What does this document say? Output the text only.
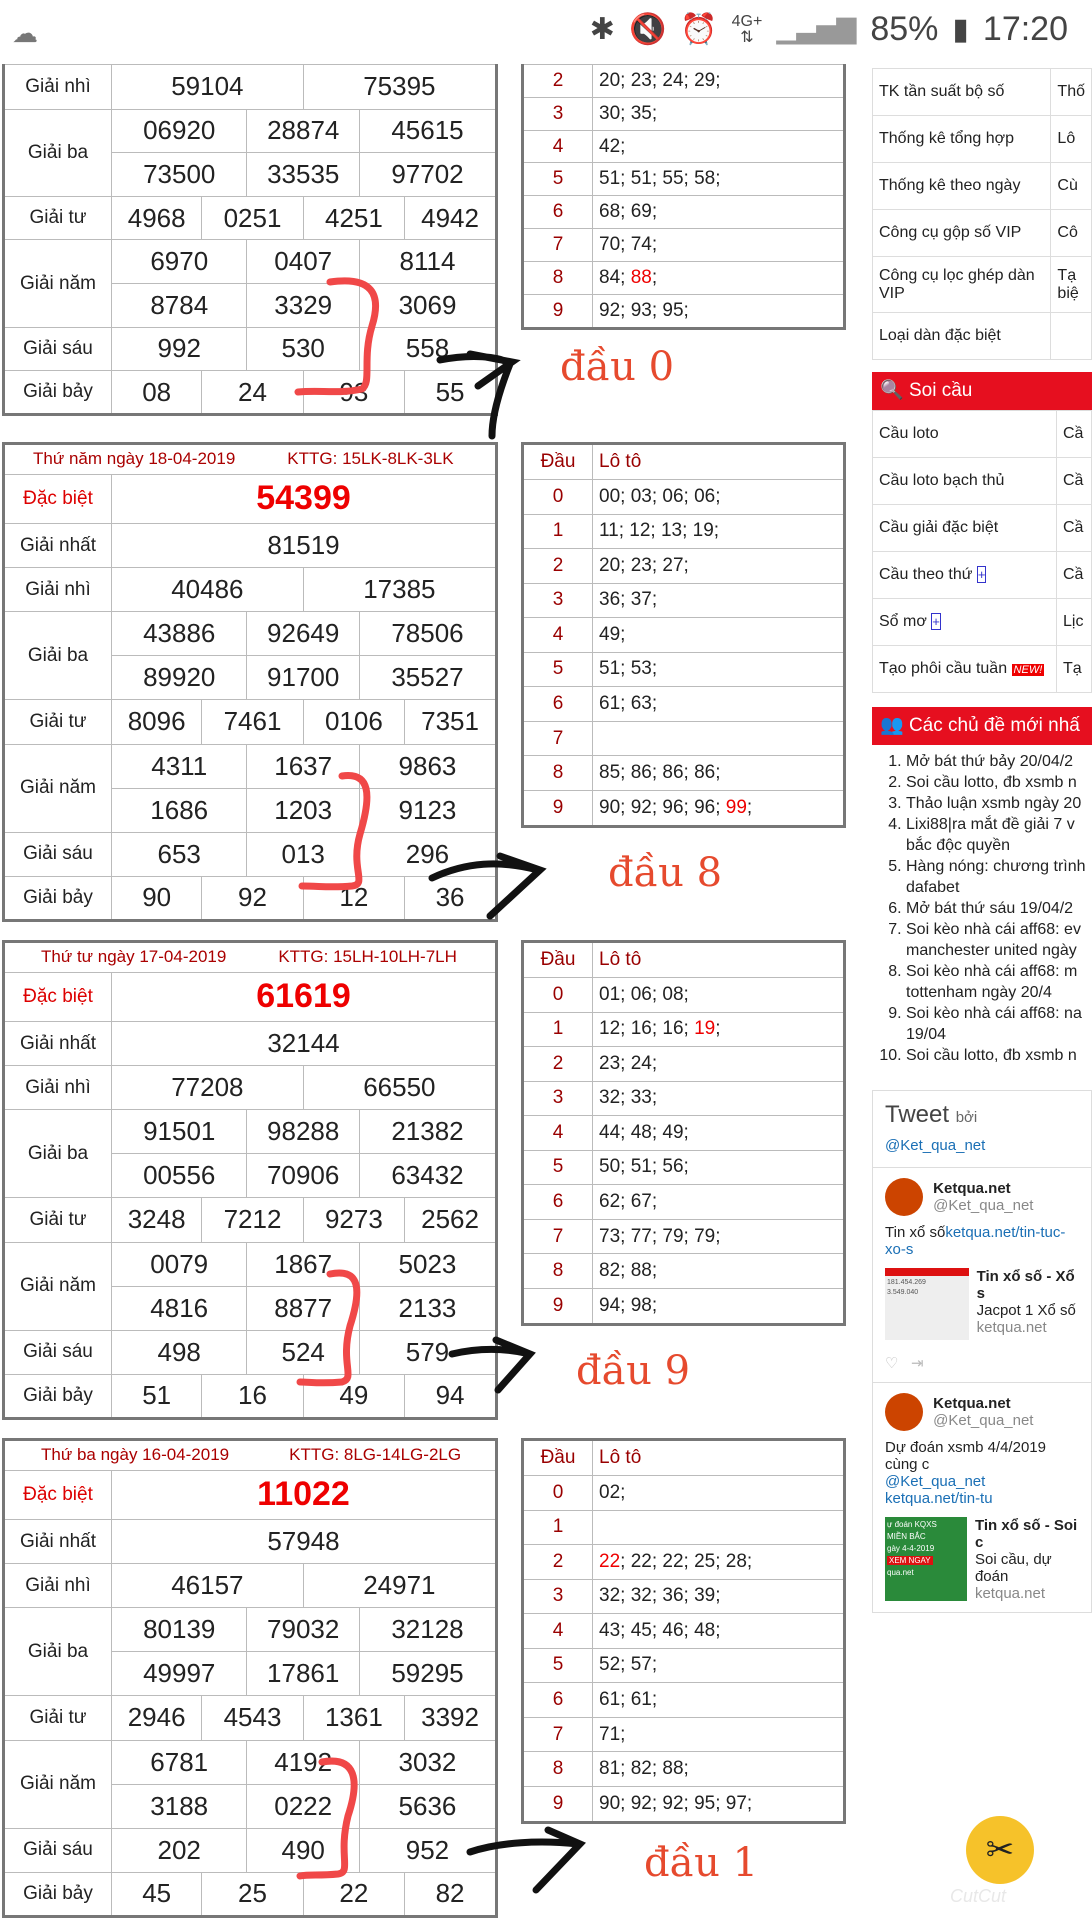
☁	✱ 🔇 ⏰ 4G+
⇅ ▁▃▅▇ 85% ▮ 17:20
Giải nhì	59104			75395		
Giải ba	06920		28874		45615	
	73500		33535		97702	
Giải tư	4968	0251		4251		4942
Giải năm	6970		0407		8114	
	8784		3329		3069	
Giải sáu	992		530		558	
Giải bảy	08	24		93		55
2	20; 23; 24; 29;
3	30; 35;
4	42;
5	51; 51; 55; 58;
6	68; 69;
7	70; 74;
8	84; 88;
9	92; 93; 95;
đầu 0
Thứ năm ngày 18-04-2019 KTTG: 15LK-8LK-3LK						
Đặc biệt	54399					
Giải nhất	81519					
Giải nhì	40486			17385		
Giải ba	43886		92649		78506	
	89920		91700		35527	
Giải tư	8096	7461		0106		7351
Giải năm	4311		1637		9863	
	1686		1203		9123	
Giải sáu	653		013		296	
Giải bảy	90	92		12		36
Đầu	Lô tô
0	00; 03; 06; 06;
1	11; 12; 13; 19;
2	20; 23; 27;
3	36; 37;
4	49;
5	51; 53;
6	61; 63;
7	
8	85; 86; 86; 86;
9	90; 92; 96; 96; 99;
đầu 8
Thứ tư ngày 17-04-2019 KTTG: 15LH-10LH-7LH						
Đặc biệt	61619					
Giải nhất	32144					
Giải nhì	77208			66550		
Giải ba	91501		98288		21382	
	00556		70906		63432	
Giải tư	3248	7212		9273		2562
Giải năm	0079		1867		5023	
	4816		8877		2133	
Giải sáu	498		524		579	
Giải bảy	51	16		49		94
Đầu	Lô tô
0	01; 06; 08;
1	12; 16; 16; 19;
2	23; 24;
3	32; 33;
4	44; 48; 49;
5	50; 51; 56;
6	62; 67;
7	73; 77; 79; 79;
8	82; 88;
9	94; 98;
đầu 9
Thứ ba ngày 16-04-2019 KTTG: 8LG-14LG-2LG						
Đặc biệt	11022					
Giải nhất	57948					
Giải nhì	46157			24971		
Giải ba	80139		79032		32128	
	49997		17861		59295	
Giải tư	2946	4543		1361		3392
Giải năm	6781		4192		3032	
	3188		0222		5636	
Giải sáu	202		490		952	
Giải bảy	45	25		22		82
Đầu	Lô tô
0	02;
1	
2	22; 22; 22; 25; 28;
3	32; 32; 36; 39;
4	43; 45; 46; 48;
5	52; 57;
6	61; 61;
7	71;
8	81; 82; 88;
9	90; 92; 92; 95; 97;
đầu 1
TK tần suất bộ số	Thố
Thống kê tổng hợp	Lô
Thống kê theo ngày	Cù
Công cụ gộp số VIP	Cô
Công cụ lọc ghép dàn VIP	Tạ biệ
Loại dàn đặc biệt	
🔍 Soi cầu
Cầu loto	Cầ
Cầu loto bạch thủ	Cầ
Cầu giải đặc biệt	Cầ
Cầu theo thứ +	Cầ
Sổ mơ +	Lịc
Tạo phôi cầu tuần NEW!	Tạ
👥 Các chủ đề mới nhấ
1. Mở bát thứ bảy 20/04/2
2. Soi cầu lotto, đb xsmb n
3. Thảo luận xsmb ngày 20
4. Lixi88|ra mắt đề giải 7 v bắc độc quyền
5. Hàng nóng: chương trình dafabet
6. Mở bát thứ sáu 19/04/2
7. Soi kèo nhà cái aff68: ev manchester united ngày
8. Soi kèo nhà cái aff68: m tottenham ngày 20/4
9. Soi kèo nhà cái aff68: na 19/04
10. Soi cầu lotto, đb xsmb n
Tweet bởi @Ket_qua_net
Ketqua.net
@Ket_qua_net
Tin xổ sốketqua.net/tin-tuc-xo-s
181.454.269
3.549.040
Tin xổ số - Xổ s
Jacpot 1 Xổ số
ketqua.net
♡ ⇥
Ketqua.net
@Ket_qua_net
Dự đoán xsmb 4/4/2019 cùng c
@Ket_qua_net ketqua.net/tin-tu
ự đoán KQXS
MIỀN BẮC
gày 4-4-2019
XEM NGAY
qua.net
Tin xổ số - Soi c
Soi cầu, dự đoán
ketqua.net
✂
CutCut
